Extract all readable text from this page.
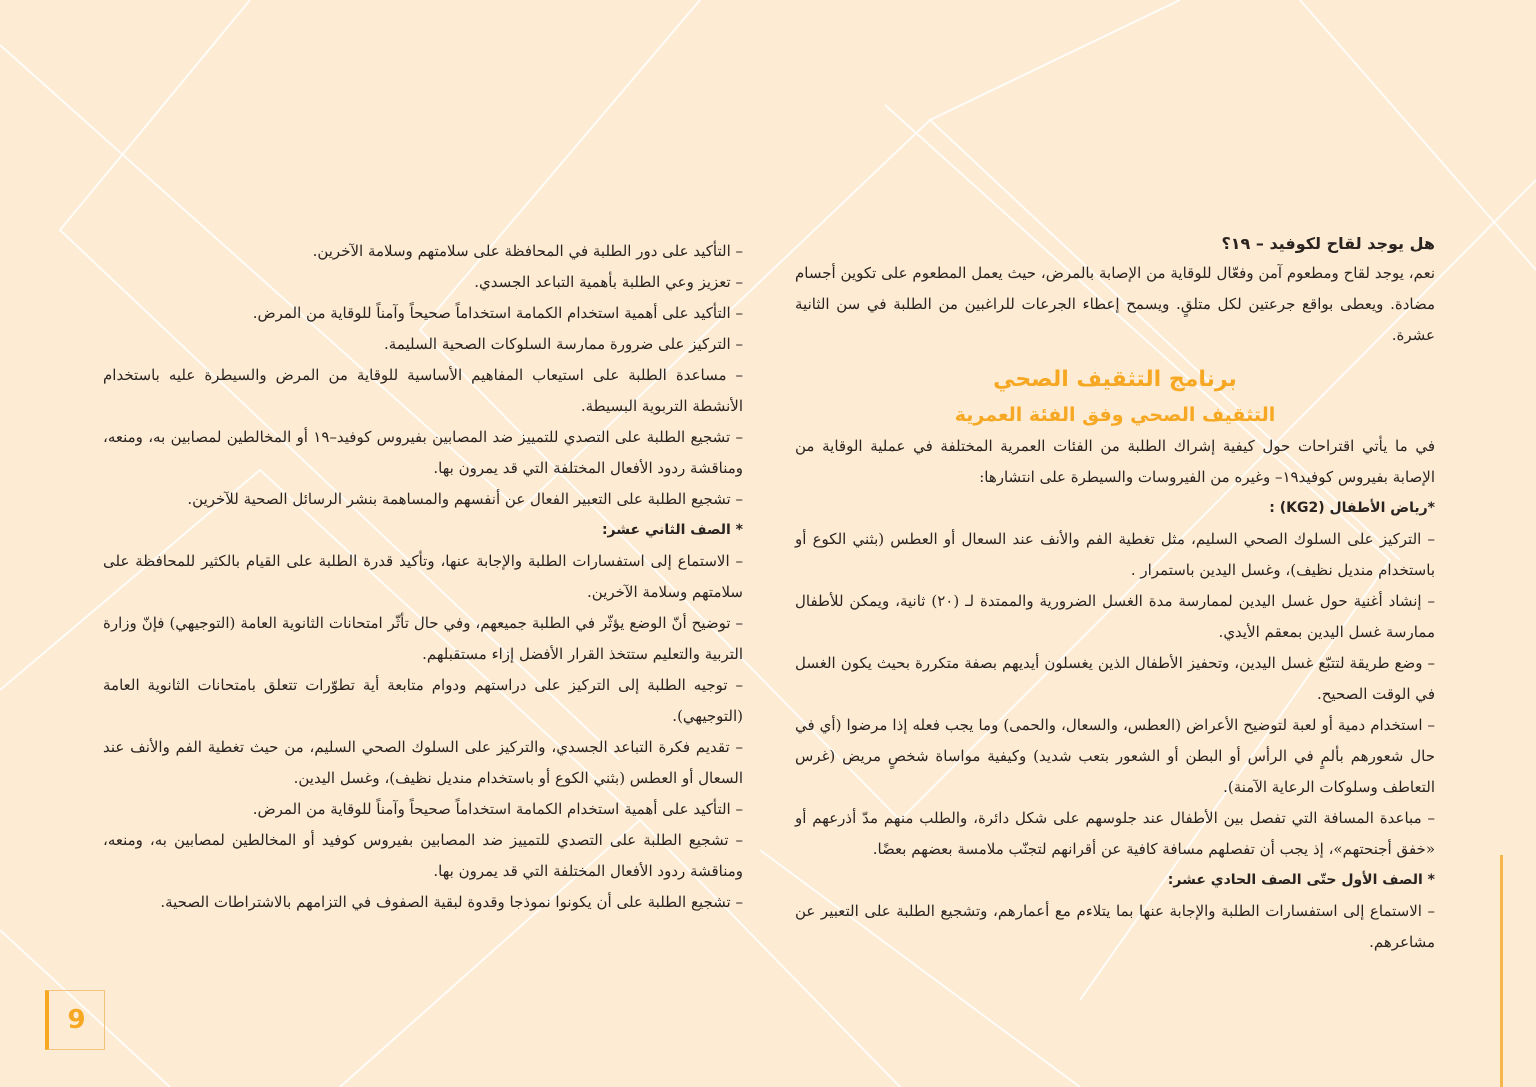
هل يوجد لقاح لكوفيد – ١٩؟

نعم، يوجد لقاح ومطعوم آمن وفعّال للوقاية من الإصابة بالمرض، حيث يعمل المطعوم على تكوين أجسام مضادة. ويعطى بواقع جرعتين لكل متلقٍ. ويسمح إعطاء الجرعات للراغبين من الطلبة في سن الثانية عشرة.

برنامج التثقيف الصحي

التثقيف الصحي وفق الفئة العمرية

في ما يأتي اقتراحات حول كيفية إشراك الطلبة من الفئات العمرية المختلفة في عملية الوقاية من الإصابة بفيروس كوفيد١٩– وغيره من الفيروسات والسيطرة على انتشارها:

*رياض الأطفال (KG2) :

– التركيز على السلوك الصحي السليم، مثل تغطية الفم والأنف عند السعال أو العطس (بثني الكوع أو باستخدام منديل نظيف)، وغسل اليدين باستمرار .

– إنشاد أغنية حول غسل اليدين لممارسة مدة الغسل الضرورية والممتدة لـ (٢٠) ثانية، ويمكن للأطفال ممارسة غسل اليدين بمعقم الأيدي.

– وضع طريقة لتتبّع غسل اليدين، وتحفيز الأطفال الذين يغسلون أيديهم بصفة متكررة بحيث يكون الغسل في الوقت الصحيح.

– استخدام دمية أو لعبة لتوضيح الأعراض (العطس، والسعال، والحمى) وما يجب فعله إذا مرضوا (أي في حال شعورهم بألمٍ في الرأس أو البطن أو الشعور بتعب شديد) وكيفية مواساة شخصٍ مريض (غرس التعاطف وسلوكات الرعاية الآمنة).

– مباعدة المسافة التي تفصل بين الأطفال عند جلوسهم على شكل دائرة، والطلب منهم مدّ أذرعهم أو «خفق أجنحتهم»، إذ يجب أن تفصلهم مسافة كافية عن أقرانهم لتجنّب ملامسة بعضهم بعضًا.

* الصف الأول حتّى الصف الحادي عشر:

– الاستماع إلى استفسارات الطلبة والإجابة عنها بما يتلاءم مع أعمارهم، وتشجيع الطلبة على التعبير عن مشاعرهم.

– التأكيد على دور الطلبة في المحافظة على سلامتهم وسلامة الآخرين.

– تعزيز وعي الطلبة بأهمية التباعد الجسدي.

– التأكيد على أهمية استخدام الكمامة استخداماً صحيحاً وآمناً للوقاية من المرض.

– التركيز على ضرورة ممارسة السلوكات الصحية السليمة.

– مساعدة الطلبة على استيعاب المفاهيم الأساسية للوقاية من المرض والسيطرة عليه باستخدام الأنشطة التربوية البسيطة.

– تشجيع الطلبة على التصدي للتمييز ضد المصابين بفيروس كوفيد–١٩ أو المخالطين لمصابين به، ومنعه، ومناقشة ردود الأفعال المختلفة التي قد يمرون بها.

– تشجيع الطلبة على التعبير الفعال عن أنفسهم والمساهمة بنشر الرسائل الصحية للآخرين.

* الصف الثاني عشر:

– الاستماع إلى استفسارات الطلبة والإجابة عنها، وتأكيد قدرة الطلبة على القيام بالكثير للمحافظة على سلامتهم وسلامة الآخرين.

– توضيح أنّ الوضع يؤثّر في الطلبة جميعهم، وفي حال تأثّر امتحانات الثانوية العامة (التوجيهي) فإنّ وزارة التربية والتعليم ستتخذ القرار الأفضل إزاء مستقبلهم.

– توجيه الطلبة إلى التركيز على دراستهم ودوام متابعة أية تطوّرات تتعلق بامتحانات الثانوية العامة (التوجيهي).

– تقديم فكرة التباعد الجسدي، والتركيز على السلوك الصحي السليم، من حيث تغطية الفم والأنف عند السعال أو العطس (بثني الكوع أو باستخدام منديل نظيف)، وغسل اليدين.

– التأكيد على أهمية استخدام الكمامة استخداماً صحيحاً وآمناً للوقاية من المرض.

– تشجيع الطلبة على التصدي للتمييز ضد المصابين بفيروس كوفيد أو المخالطين لمصابين به، ومنعه، ومناقشة ردود الأفعال المختلفة التي قد يمرون بها.

– تشجيع الطلبة على أن يكونوا نموذجا وقدوة لبقية الصفوف في التزامهم بالاشتراطات الصحية.

9
